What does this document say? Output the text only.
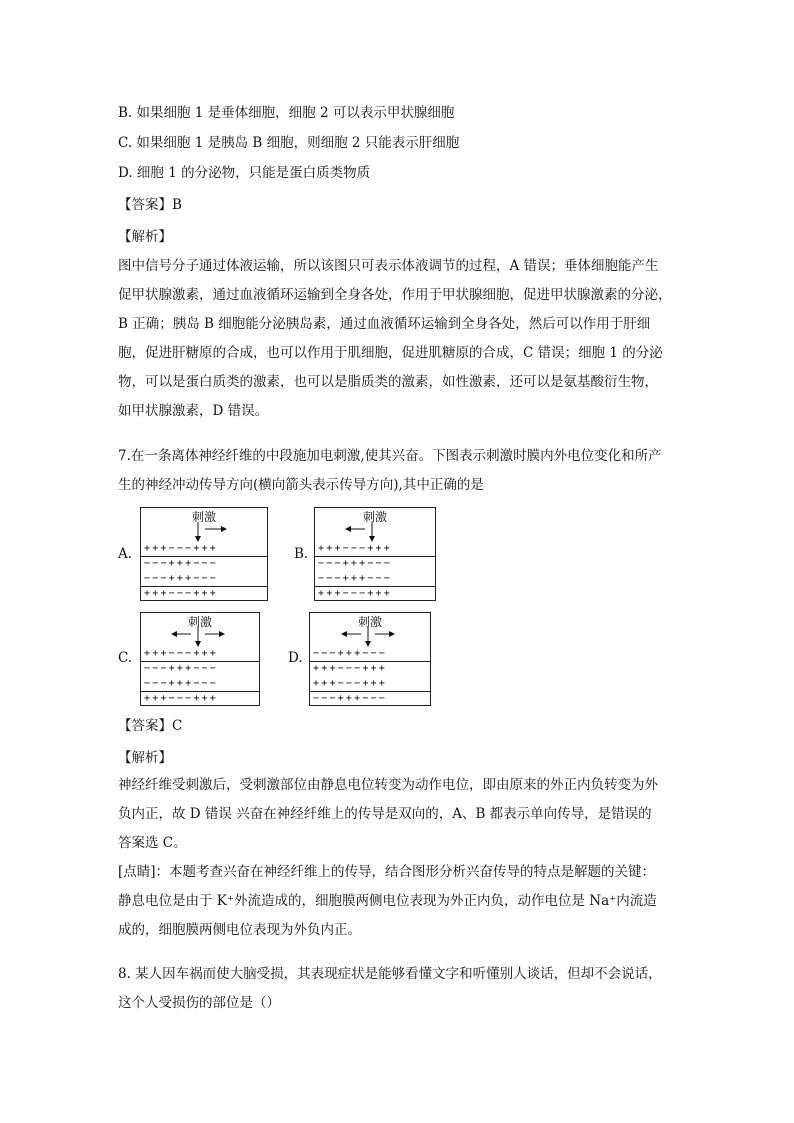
B. 如果细胞 1 是垂体细胞，细胞 2 可以表示甲状腺细胞
C. 如果细胞 1 是胰岛 B 细胞，则细胞 2 只能表示肝细胞
D. 细胞 1 的分泌物，只能是蛋白质类物质
【答案】B
【解析】

图中信号分子通过体液运输，所以该图只可表示体液调节的过程，A 错误；垂体细胞能产生

促甲状腺激素，通过血液循环运输到全身各处，作用于甲状腺细胞，促进甲状腺激素的分泌，

B 正确；胰岛 B 细胞能分泌胰岛素，通过血液循环运输到全身各处，然后可以作用于肝细

胞，促进肝糖原的合成，也可以作用于肌细胞，促进肌糖原的合成，C 错误；细胞 1 的分泌

物，可以是蛋白质类的激素，也可以是脂质类的激素，如性激素，还可以是氨基酸衍生物，

如甲状腺激素，D 错误。

7.在一条离体神经纤维的中段施加电刺激,使其兴奋。下图表示刺激时膜内外电位变化和所产

生的神经冲动传导方向(横向箭头表示传导方向),其中正确的是

A.
刺激
+++−−−+++
−−−+++−−−
−−−+++−−−
+++−−−+++
B.
刺激
+++−−−+++
−−−+++−−−
−−−+++−−−
+++−−−+++
C.
刺激
+++−−−+++
−−−+++−−−
−−−+++−−−
+++−−−+++
D.
刺激
−−−+++−−−
+++−−−+++
+++−−−+++
−−−+++−−−
【答案】C
【解析】

神经纤维受刺激后，受刺激部位由静息电位转变为动作电位，即由原来的外正内负转变为外

负内正，故 D 错误 兴奋在神经纤维上的传导是双向的，A、B 都表示单向传导，是错误的

答案选 C。

[点睛]：本题考查兴奋在神经纤维上的传导，结合图形分析兴奋传导的特点是解题的关键：

静息电位是由于 K⁺外流造成的，细胞膜两侧电位表现为外正内负，动作电位是 Na⁺内流造

成的，细胞膜两侧电位表现为外负内正。

8. 某人因车祸而使大脑受损，其表现症状是能够看懂文字和听懂别人谈话，但却不会说话，

这个人受损伤的部位是（）
